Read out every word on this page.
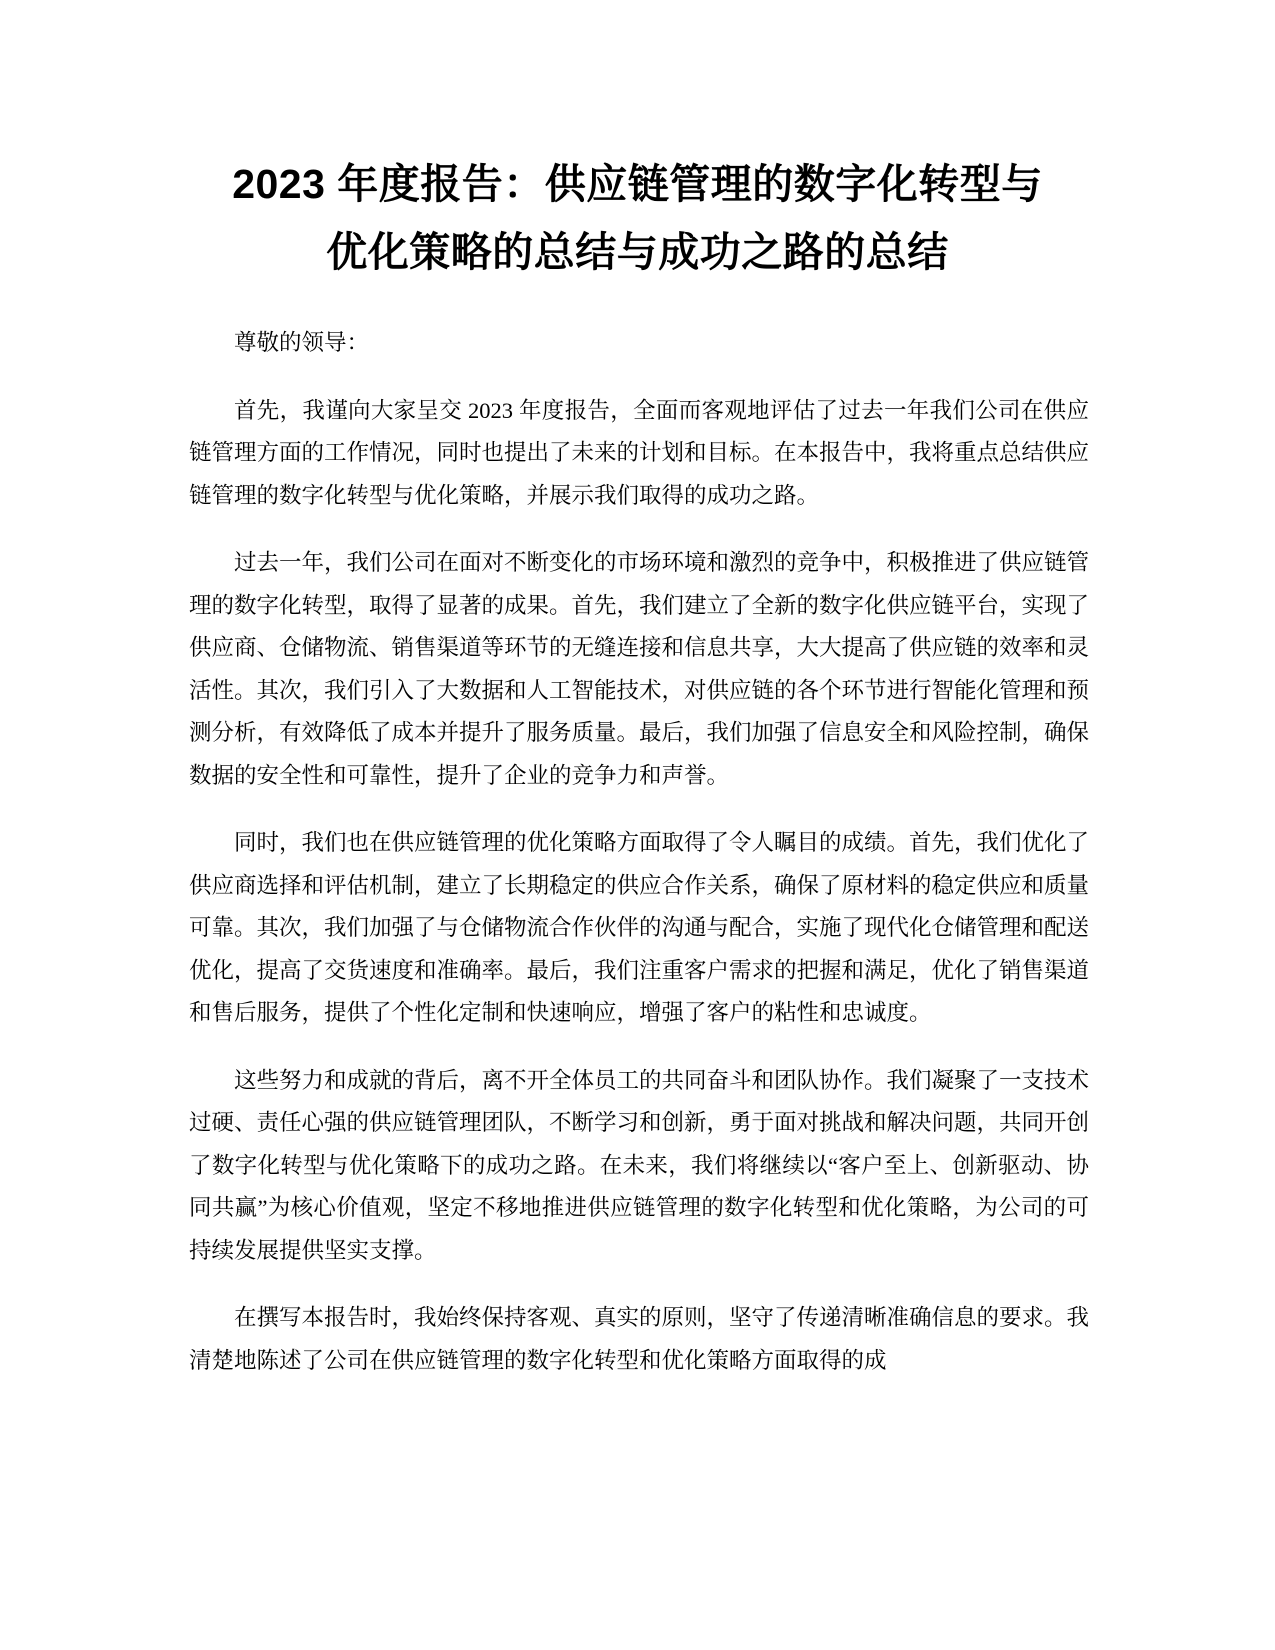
2023 年度报告：供应链管理的数字化转型与
优化策略的总结与成功之路的总结

尊敬的领导：

首先，我谨向大家呈交 2023 年度报告，全面而客观地评估了过去一年我们公司在供应链管理方面的工作情况，同时也提出了未来的计划和目标。在本报告中，我将重点总结供应链管理的数字化转型与优化策略，并展示我们取得的成功之路。

过去一年，我们公司在面对不断变化的市场环境和激烈的竞争中，积极推进了供应链管理的数字化转型，取得了显著的成果。首先，我们建立了全新的数字化供应链平台，实现了供应商、仓储物流、销售渠道等环节的无缝连接和信息共享，大大提高了供应链的效率和灵活性。其次，我们引入了大数据和人工智能技术，对供应链的各个环节进行智能化管理和预测分析，有效降低了成本并提升了服务质量。最后，我们加强了信息安全和风险控制，确保数据的安全性和可靠性，提升了企业的竞争力和声誉。

同时，我们也在供应链管理的优化策略方面取得了令人瞩目的成绩。首先，我们优化了供应商选择和评估机制，建立了长期稳定的供应合作关系，确保了原材料的稳定供应和质量可靠。其次，我们加强了与仓储物流合作伙伴的沟通与配合，实施了现代化仓储管理和配送优化，提高了交货速度和准确率。最后，我们注重客户需求的把握和满足，优化了销售渠道和售后服务，提供了个性化定制和快速响应，增强了客户的粘性和忠诚度。

这些努力和成就的背后，离不开全体员工的共同奋斗和团队协作。我们凝聚了一支技术过硬、责任心强的供应链管理团队，不断学习和创新，勇于面对挑战和解决问题，共同开创了数字化转型与优化策略下的成功之路。在未来，我们将继续以“客户至上、创新驱动、协同共赢”为核心价值观，坚定不移地推进供应链管理的数字化转型和优化策略，为公司的可持续发展提供坚实支撑。

在撰写本报告时，我始终保持客观、真实的原则，坚守了传递清晰准确信息的要求。我清楚地陈述了公司在供应链管理的数字化转型和优化策略方面取得的成
